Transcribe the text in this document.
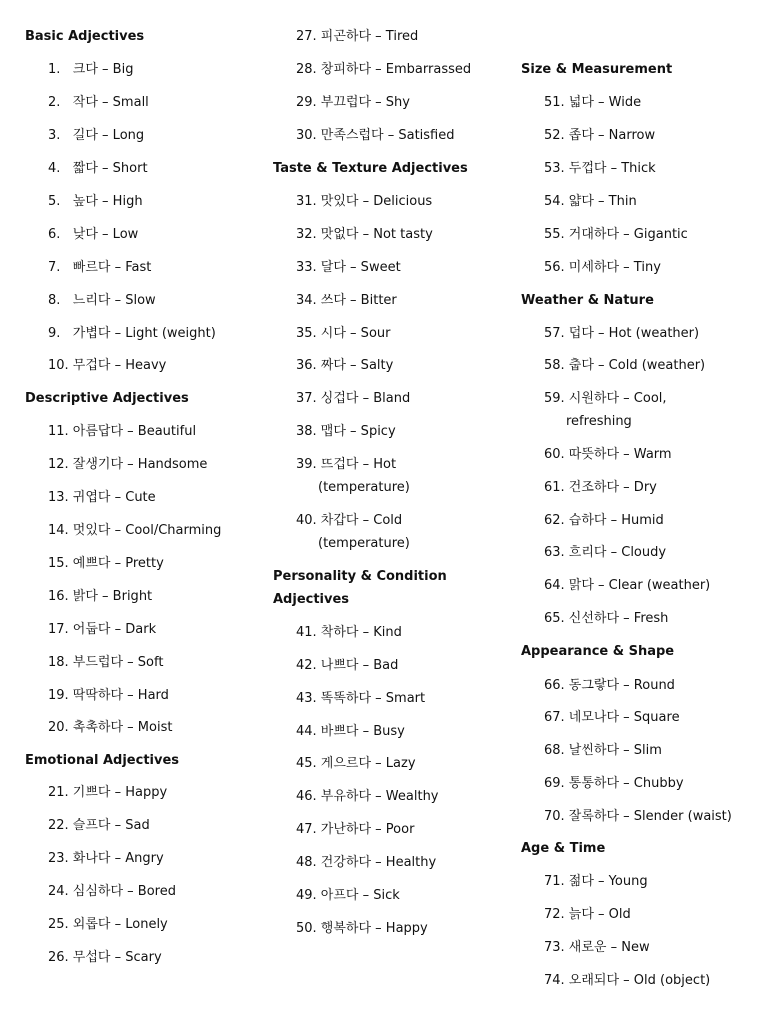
Basic Adjectives
1.   크다 – Big
2.   작다 – Small
3.   길다 – Long
4.   짧다 – Short
5.   높다 – High
6.   낮다 – Low
7.   빠르다 – Fast
8.   느리다 – Slow
9.   가볍다 – Light (weight)
10. 무겁다 – Heavy
Descriptive Adjectives
11. 아름답다 – Beautiful
12. 잘생기다 – Handsome
13. 귀엽다 – Cute
14. 멋있다 – Cool/Charming
15. 예쁘다 – Pretty
16. 밝다 – Bright
17. 어둡다 – Dark
18. 부드럽다 – Soft
19. 딱딱하다 – Hard
20. 촉촉하다 – Moist
Emotional Adjectives
21. 기쁘다 – Happy
22. 슬프다 – Sad
23. 화나다 – Angry
24. 심심하다 – Bored
25. 외롭다 – Lonely
26. 무섭다 – Scary
27. 피곤하다 – Tired
28. 창피하다 – Embarrassed
29. 부끄럽다 – Shy
30. 만족스럽다 – Satisfied
Taste & Texture Adjectives
31. 맛있다 – Delicious
32. 맛없다 – Not tasty
33. 달다 – Sweet
34. 쓰다 – Bitter
35. 시다 – Sour
36. 짜다 – Salty
37. 싱겁다 – Bland
38. 맵다 – Spicy
39. 뜨겁다 – Hot
(temperature)
40. 차갑다 – Cold
(temperature)
Personality & Condition
Adjectives
41. 착하다 – Kind
42. 나쁘다 – Bad
43. 똑똑하다 – Smart
44. 바쁘다 – Busy
45. 게으르다 – Lazy
46. 부유하다 – Wealthy
47. 가난하다 – Poor
48. 건강하다 – Healthy
49. 아프다 – Sick
50. 행복하다 – Happy
Size & Measurement
51. 넓다 – Wide
52. 좁다 – Narrow
53. 두껍다 – Thick
54. 얇다 – Thin
55. 거대하다 – Gigantic
56. 미세하다 – Tiny
Weather & Nature
57. 덥다 – Hot (weather)
58. 춥다 – Cold (weather)
59. 시원하다 – Cool,
refreshing
60. 따뜻하다 – Warm
61. 건조하다 – Dry
62. 습하다 – Humid
63. 흐리다 – Cloudy
64. 맑다 – Clear (weather)
65. 신선하다 – Fresh
Appearance & Shape
66. 동그랗다 – Round
67. 네모나다 – Square
68. 날씬하다 – Slim
69. 통통하다 – Chubby
70. 잘록하다 – Slender (waist)
Age & Time
71. 젊다 – Young
72. 늙다 – Old
73. 새로운 – New
74. 오래되다 – Old (object)
